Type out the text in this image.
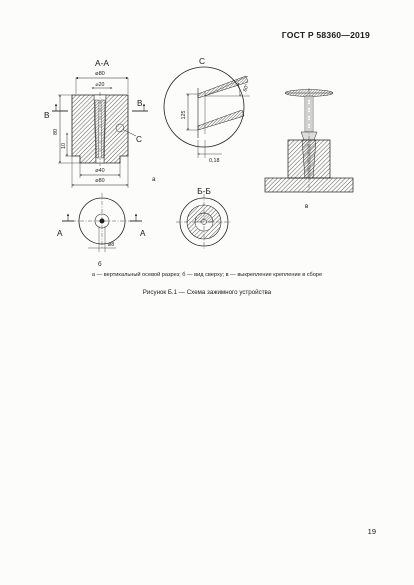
ГОСТ Р 58360—2019
А-А
⌀80
⌀20
80
10
В
В
С
⌀40
⌀80	а
С
60°
125
0,18
в
А	А
⌀8
б
Б-Б
а — вертикальный осевой разрез; б — вид сверху; в — выкрепление крепление в сборе
Рисунок Б.1 — Схема зажимного устройства
19
